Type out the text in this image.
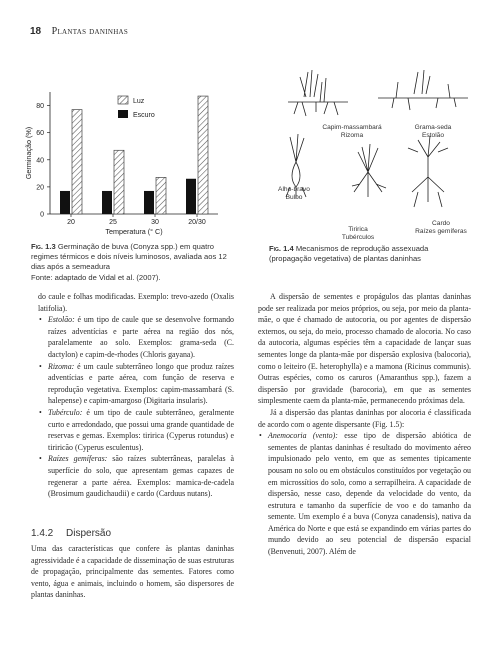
18 Plantas daninhas
0
20
40
60
80
Germinação (%)
Temperatura (° C)
20	25	30	20/30
Luz
Escuro
Fig. 1.3 Germinação de buva (Conyza spp.) em quatro regimes térmicos e dois níveis luminosos, avaliada aos 12 dias após a semeadura
Fonte: adaptado de Vidal et al. (2007).
Capim-massambará
Rizoma
Grama-seda
Estolão
Alho-bravo
Bulbo
Tiririca
Tubérculos
Cardo
Raízes gemíferas
Fig. 1.4 Mecanismos de reprodução assexuada (propagação vegetativa) de plantas daninhas

do caule e folhas modificadas. Exemplo: trevo-azedo (Oxalis latifolia).

• Estolão: é um tipo de caule que se desenvolve formando raízes adventícias e parte aérea na região dos nós, paralelamente ao solo. Exemplos: grama-seda (C. dactylon) e capim-de-rhodes (Chloris gayana).
• Rizoma: é um caule subterrâneo longo que produz raízes adventícias e parte aérea, com função de reserva e reprodução vegetativa. Exemplos: capim-massambará (S. halepense) e capim-amargoso (Digitaria insularis).
• Tubérculo: é um tipo de caule subterrâneo, geralmente curto e arredondado, que possui uma grande quantidade de reservas e gemas. Exemplos: tiririca (Cyperus rotundus) e tiriricão (Cyperus esculentus).
• Raízes gemíferas: são raízes subterrâneas, paralelas à superfície do solo, que apresentam gemas capazes de regenerar a parte aérea. Exemplos: mamica-de-cadela (Brosimum gaudichaudii) e cardo (Carduus nutans).
1.4.2 Dispersão

Uma das características que confere às plantas daninhas agressividade é a capacidade de disseminação de suas estruturas de propagação, principalmente das sementes. Fatores como vento, água e animais, incluindo o homem, são dispersores de plantas daninhas.

A dispersão de sementes e propágulos das plantas daninhas pode ser realizada por meios próprios, ou seja, por meio da planta-mãe, o que é chamado de autocoria, ou por agentes de dispersão externos, ou seja, do meio, processo chamado de alocoria. No caso da autocoria, algumas espécies têm a capacidade de lançar suas sementes longe da planta-mãe por dispersão explosiva (balocoria), como o leiteiro (E. heterophylla) e a mamona (Ricinus communis). Outras espécies, como os caruros (Amaranthus spp.), fazem a dispersão por gravidade (barocoria), em que as sementes simplesmente caem da planta-mãe, permanecendo próximas dela.

Já a dispersão das plantas daninhas por alocoria é classificada de acordo com o agente dispersante (Fig. 1.5):

• Anemocoria (vento): esse tipo de dispersão abiótica de sementes de plantas daninhas é resultado do movimento aéreo impulsionado pelo vento, em que as sementes tipicamente pousam no solo ou em obstáculos constituídos por vegetação ou em microssítios do solo, como a serrapilheira. A capacidade de dispersão, nesse caso, depende da velocidade do vento, da estrutura e tamanho da superfície de voo e do tamanho da semente. Um exemplo é a buva (Conyza canadensis), nativa da América do Norte e que está se expandindo em várias partes do mundo devido ao seu potencial de dispersão espacial (Benvenuti, 2007). Além de
